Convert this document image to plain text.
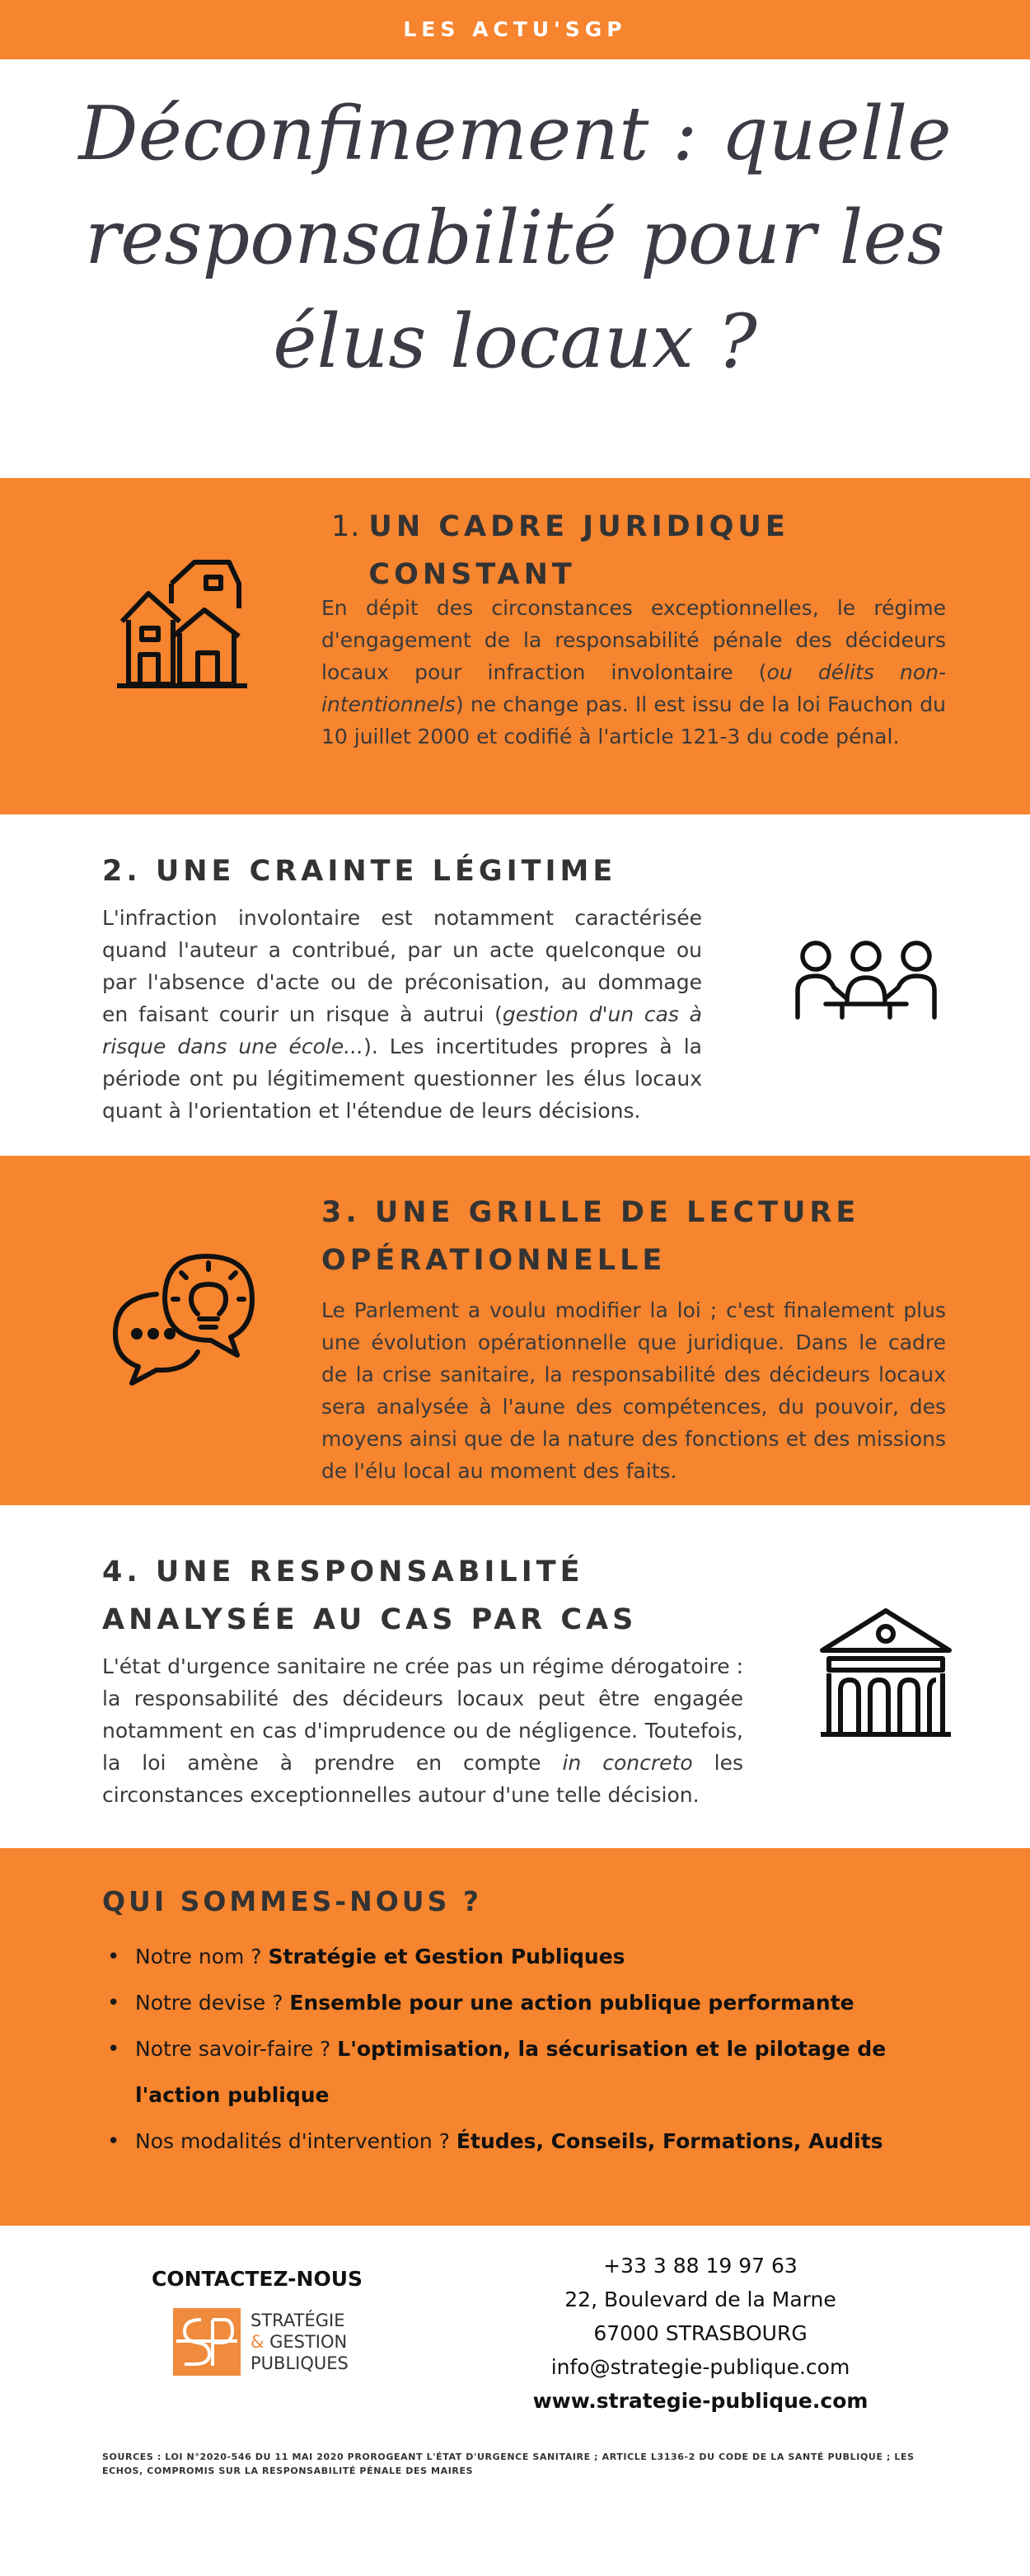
LES ACTU'SGP
Déconfinement : quelle
responsabilité pour les
élus locaux ?
1. UN CADRE JURIDIQUE
CONSTANT
En dépit des circonstances exceptionnelles, le régime d'engagement de la responsabilité pénale des décideurs locaux pour infraction involontaire (ou délits non-intentionnels) ne change pas. Il est issu de la loi Fauchon du 10 juillet 2000 et codifié à l'article 121-3 du code pénal.
2. UNE CRAINTE LÉGITIME
L'infraction involontaire est notamment caractérisée quand l'auteur a contribué, par un acte quelconque ou par l'absence d'acte ou de préconisation, au dommage en faisant courir un risque à autrui (gestion d'un cas à risque dans une école...). Les incertitudes propres à la période ont pu légitimement questionner les élus locaux quant à l'orientation et l'étendue de leurs décisions.
3. UNE GRILLE DE LECTURE
OPÉRATIONNELLE
Le Parlement a voulu modifier la loi ; c'est finalement plus une évolution opérationnelle que juridique. Dans le cadre de la crise sanitaire, la responsabilité des décideurs locaux sera analysée à l'aune des compétences, du pouvoir, des moyens ainsi que de la nature des fonctions et des missions de l'élu local au moment des faits.
4. UNE RESPONSABILITÉ
ANALYSÉE AU CAS PAR CAS
L'état d'urgence sanitaire ne crée pas un régime dérogatoire : la responsabilité des décideurs locaux peut être engagée notamment en cas d'imprudence ou de négligence. Toutefois, la loi amène à prendre en compte in concreto les circonstances exceptionnelles autour d'une telle décision.
QUI SOMMES-NOUS ?
• Notre nom ? Stratégie et Gestion Publiques
• Notre devise ? Ensemble pour une action publique performante
• Notre savoir-faire ? L'optimisation, la sécurisation et le pilotage de l'action publique
• Nos modalités d'intervention ? Études, Conseils, Formations, Audits
CONTACTEZ-NOUS
STRATÉGIE
& GESTION
PUBLIQUES
+33 3 88 19 97 63
22, Boulevard de la Marne
67000 STRASBOURG
info@strategie-publique.com
www.strategie-publique.com
SOURCES : LOI N°2020-546 DU 11 MAI 2020 PROROGEANT L'ÉTAT D'URGENCE SANITAIRE ; ARTICLE L3136-2 DU CODE DE LA SANTÉ PUBLIQUE ; LES ECHOS, COMPROMIS SUR LA RESPONSABILITÉ PÉNALE DES MAIRES
